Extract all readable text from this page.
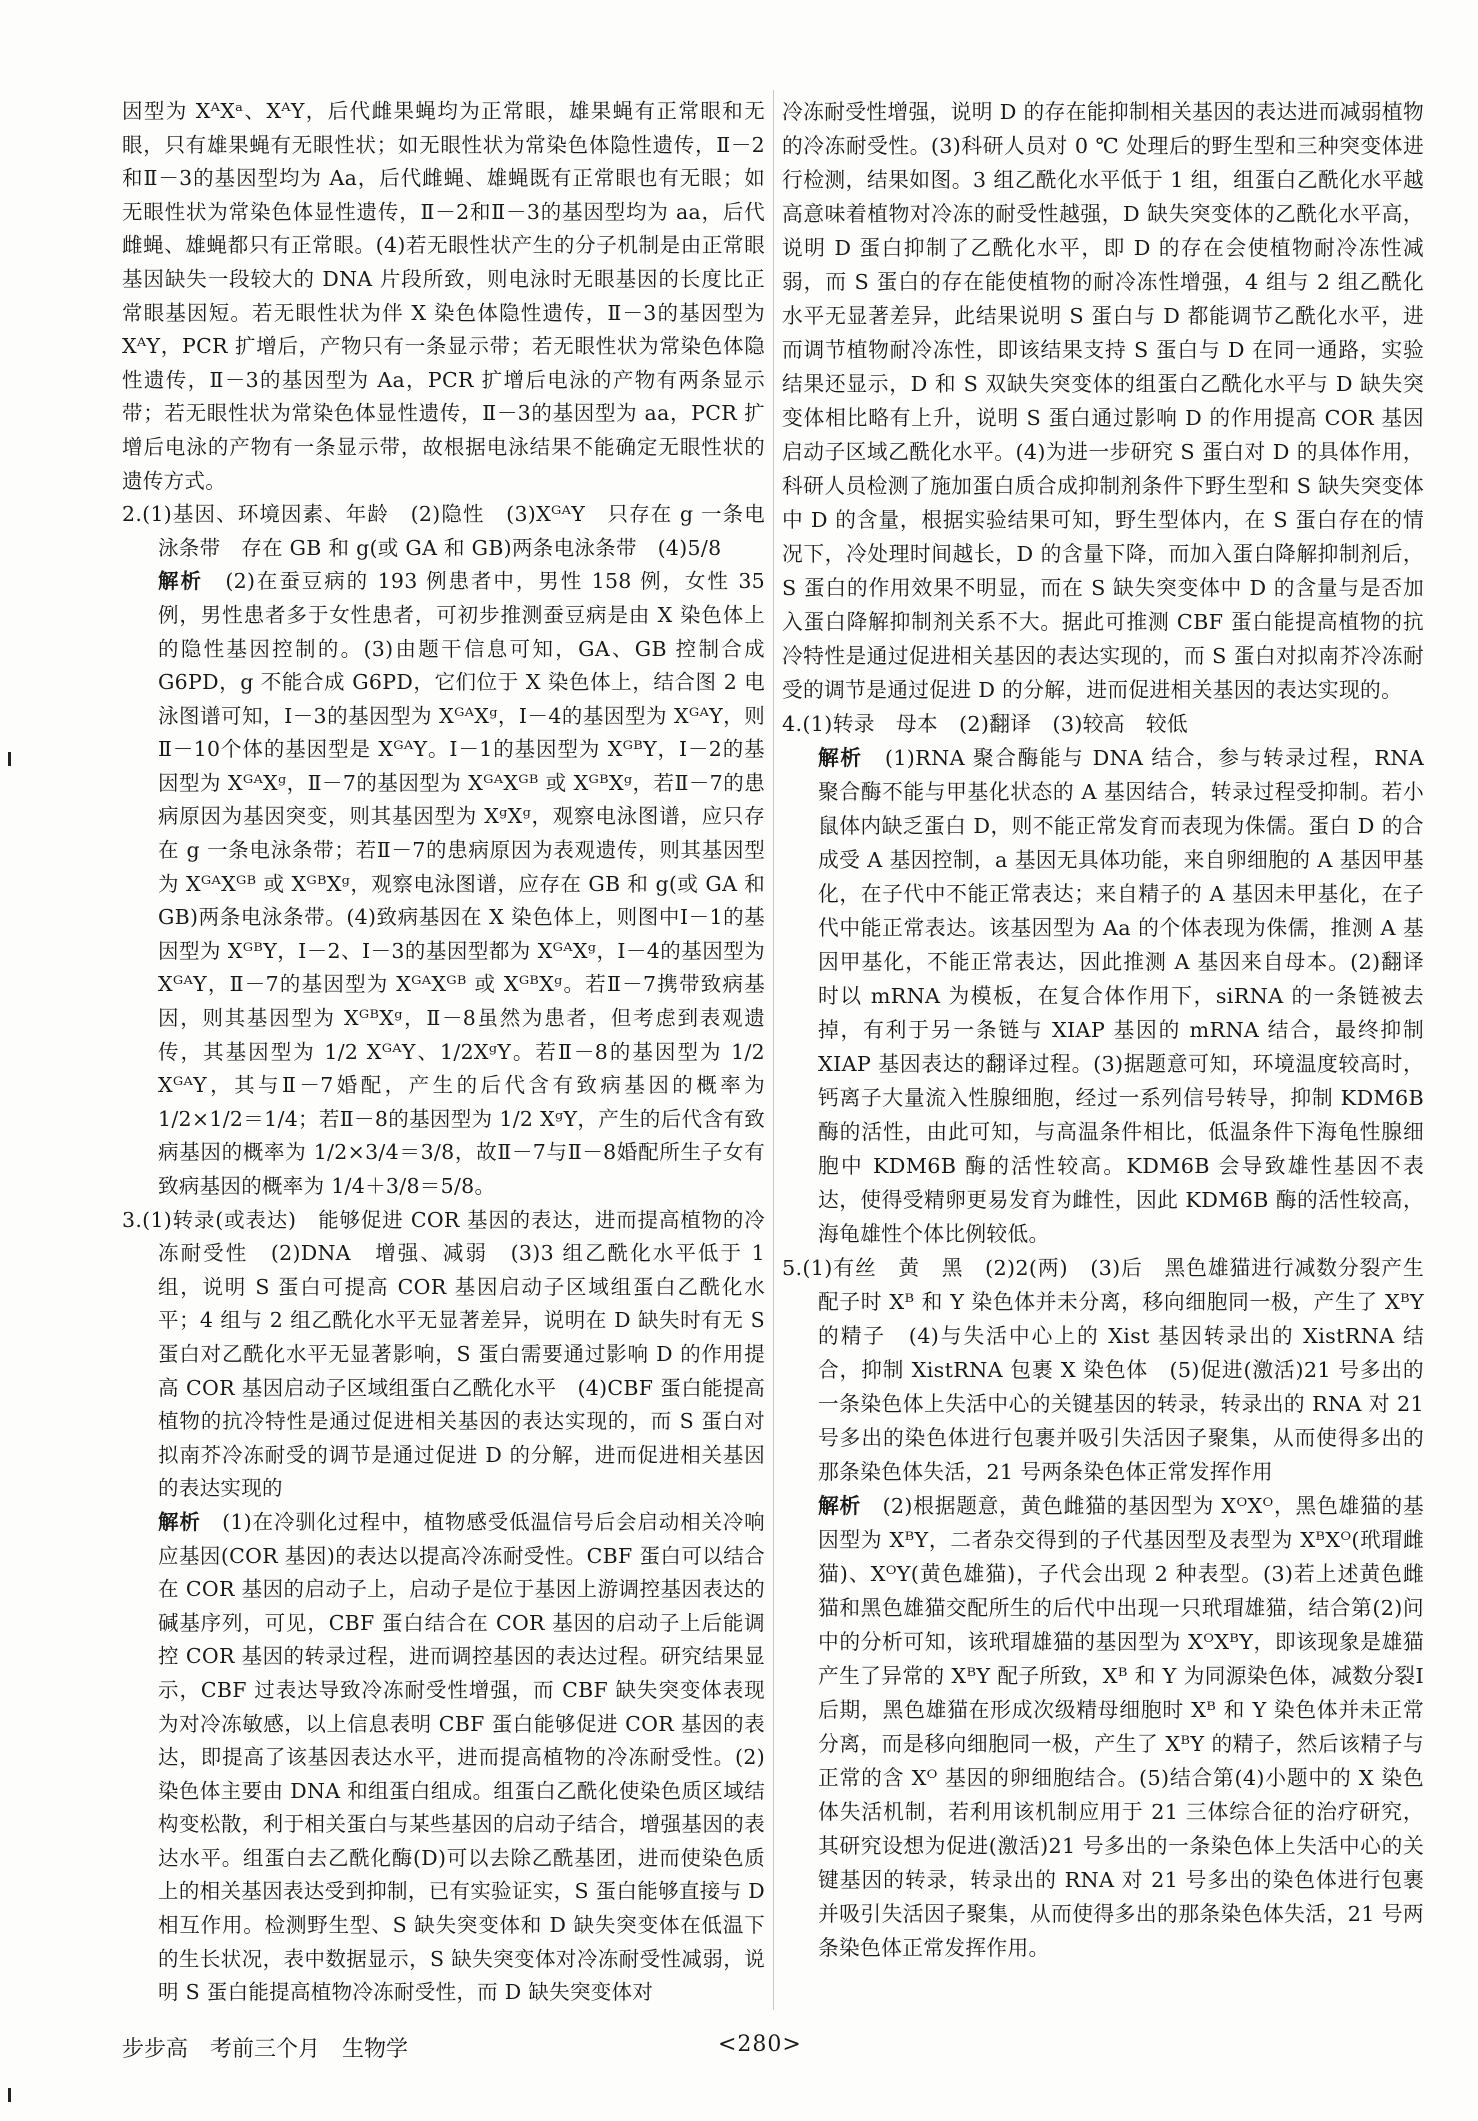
因型为 XᴬXᵃ、XᴬY，后代雌果蝇均为正常眼，雄果蝇有正常眼和无眼，只有雄果蝇有无眼性状；如无眼性状为常染色体隐性遗传，Ⅱ－2和Ⅱ－3的基因型均为 Aa，后代雌蝇、雄蝇既有正常眼也有无眼；如无眼性状为常染色体显性遗传，Ⅱ－2和Ⅱ－3的基因型均为 aa，后代雌蝇、雄蝇都只有正常眼。(4)若无眼性状产生的分子机制是由正常眼基因缺失一段较大的 DNA 片段所致，则电泳时无眼基因的长度比正常眼基因短。若无眼性状为伴 X 染色体隐性遗传，Ⅱ－3的基因型为 XᴬY，PCR 扩增后，产物只有一条显示带；若无眼性状为常染色体隐性遗传，Ⅱ－3的基因型为 Aa，PCR 扩增后电泳的产物有两条显示带；若无眼性状为常染色体显性遗传，Ⅱ－3的基因型为 aa，PCR 扩增后电泳的产物有一条显示带，故根据电泳结果不能确定无眼性状的遗传方式。

2.(1)基因、环境因素、年龄　(2)隐性　(3)XᴳᴬY　只存在 g 一条电泳条带　存在 GB 和 g(或 GA 和 GB)两条电泳条带　(4)5/8

解析　 (2)在蚕豆病的 193 例患者中，男性 158 例，女性 35 例，男性患者多于女性患者，可初步推测蚕豆病是由 X 染色体上的隐性基因控制的。(3)由题干信息可知，GA、GB 控制合成 G6PD，g 不能合成 G6PD，它们位于 X 染色体上，结合图 2 电泳图谱可知，Ⅰ－3的基因型为 XᴳᴬXᵍ，Ⅰ－4的基因型为 XᴳᴬY，则Ⅱ－10个体的基因型是 XᴳᴬY。Ⅰ－1的基因型为 XᴳᴮY，Ⅰ－2的基因型为 XᴳᴬXᵍ，Ⅱ－7的基因型为 XᴳᴬXᴳᴮ 或 XᴳᴮXᵍ，若Ⅱ－7的患病原因为基因突变，则其基因型为 XᵍXᵍ，观察电泳图谱，应只存在 g 一条电泳条带；若Ⅱ－7的患病原因为表观遗传，则其基因型为 XᴳᴬXᴳᴮ 或 XᴳᴮXᵍ，观察电泳图谱，应存在 GB 和 g(或 GA 和 GB)两条电泳条带。(4)致病基因在 X 染色体上，则图中Ⅰ－1的基因型为 XᴳᴮY，Ⅰ－2、Ⅰ－3的基因型都为 XᴳᴬXᵍ，Ⅰ－4的基因型为 XᴳᴬY，Ⅱ－7的基因型为 XᴳᴬXᴳᴮ 或 XᴳᴮXᵍ。若Ⅱ－7携带致病基因，则其基因型为 XᴳᴮXᵍ，Ⅱ－8虽然为患者，但考虑到表观遗传，其基因型为 1/2 XᴳᴬY、1/2XᵍY。若Ⅱ－8的基因型为 1/2 XᴳᴬY，其与Ⅱ－7婚配，产生的后代含有致病基因的概率为 1/2×1/2＝1/4；若Ⅱ－8的基因型为 1/2 XᵍY，产生的后代含有致病基因的概率为 1/2×3/4＝3/8，故Ⅱ－7与Ⅱ－8婚配所生子女有致病基因的概率为 1/4＋3/8＝5/8。

3.(1)转录(或表达)　能够促进 COR 基因的表达，进而提高植物的冷冻耐受性　(2)DNA　增强、减弱　(3)3 组乙酰化水平低于 1 组，说明 S 蛋白可提高 COR 基因启动子区域组蛋白乙酰化水平；4 组与 2 组乙酰化水平无显著差异，说明在 D 缺失时有无 S 蛋白对乙酰化水平无显著影响，S 蛋白需要通过影响 D 的作用提高 COR 基因启动子区域组蛋白乙酰化水平　(4)CBF 蛋白能提高植物的抗冷特性是通过促进相关基因的表达实现的，而 S 蛋白对拟南芥冷冻耐受的调节是通过促进 D 的分解，进而促进相关基因的表达实现的

解析　 (1)在冷驯化过程中，植物感受低温信号后会启动相关冷响应基因(COR 基因)的表达以提高冷冻耐受性。CBF 蛋白可以结合在 COR 基因的启动子上，启动子是位于基因上游调控基因表达的碱基序列，可见，CBF 蛋白结合在 COR 基因的启动子上后能调控 COR 基因的转录过程，进而调控基因的表达过程。研究结果显示，CBF 过表达导致冷冻耐受性增强，而 CBF 缺失突变体表现为对冷冻敏感，以上信息表明 CBF 蛋白能够促进 COR 基因的表达，即提高了该基因表达水平，进而提高植物的冷冻耐受性。(2)染色体主要由 DNA 和组蛋白组成。组蛋白乙酰化使染色质区域结构变松散，利于相关蛋白与某些基因的启动子结合，增强基因的表达水平。组蛋白去乙酰化酶(D)可以去除乙酰基团，进而使染色质上的相关基因表达受到抑制，已有实验证实，S 蛋白能够直接与 D 相互作用。检测野生型、S 缺失突变体和 D 缺失突变体在低温下的生长状况，表中数据显示，S 缺失突变体对冷冻耐受性减弱，说明 S 蛋白能提高植物冷冻耐受性，而 D 缺失突变体对

冷冻耐受性增强，说明 D 的存在能抑制相关基因的表达进而减弱植物的冷冻耐受性。(3)科研人员对 0 ℃ 处理后的野生型和三种突变体进行检测，结果如图。3 组乙酰化水平低于 1 组，组蛋白乙酰化水平越高意味着植物对冷冻的耐受性越强，D 缺失突变体的乙酰化水平高，说明 D 蛋白抑制了乙酰化水平，即 D 的存在会使植物耐冷冻性减弱，而 S 蛋白的存在能使植物的耐冷冻性增强，4 组与 2 组乙酰化水平无显著差异，此结果说明 S 蛋白与 D 都能调节乙酰化水平，进而调节植物耐冷冻性，即该结果支持 S 蛋白与 D 在同一通路，实验结果还显示，D 和 S 双缺失突变体的组蛋白乙酰化水平与 D 缺失突变体相比略有上升，说明 S 蛋白通过影响 D 的作用提高 COR 基因启动子区域乙酰化水平。(4)为进一步研究 S 蛋白对 D 的具体作用，科研人员检测了施加蛋白质合成抑制剂条件下野生型和 S 缺失突变体中 D 的含量，根据实验结果可知，野生型体内，在 S 蛋白存在的情况下，冷处理时间越长，D 的含量下降，而加入蛋白降解抑制剂后，S 蛋白的作用效果不明显，而在 S 缺失突变体中 D 的含量与是否加入蛋白降解抑制剂关系不大。据此可推测 CBF 蛋白能提高植物的抗冷特性是通过促进相关基因的表达实现的，而 S 蛋白对拟南芥冷冻耐受的调节是通过促进 D 的分解，进而促进相关基因的表达实现的。

4.(1)转录　母本　(2)翻译　(3)较高　较低

解析　 (1)RNA 聚合酶能与 DNA 结合，参与转录过程，RNA 聚合酶不能与甲基化状态的 A 基因结合，转录过程受抑制。若小鼠体内缺乏蛋白 D，则不能正常发育而表现为侏儒。蛋白 D 的合成受 A 基因控制，a 基因无具体功能，来自卵细胞的 A 基因甲基化，在子代中不能正常表达；来自精子的 A 基因未甲基化，在子代中能正常表达。该基因型为 Aa 的个体表现为侏儒，推测 A 基因甲基化，不能正常表达，因此推测 A 基因来自母本。(2)翻译时以 mRNA 为模板，在复合体作用下，siRNA 的一条链被去掉，有利于另一条链与 XIAP 基因的 mRNA 结合，最终抑制 XIAP 基因表达的翻译过程。(3)据题意可知，环境温度较高时，钙离子大量流入性腺细胞，经过一系列信号转导，抑制 KDM6B 酶的活性，由此可知，与高温条件相比，低温条件下海龟性腺细胞中 KDM6B 酶的活性较高。KDM6B 会导致雄性基因不表达，使得受精卵更易发育为雌性，因此 KDM6B 酶的活性较高，海龟雄性个体比例较低。

5.(1)有丝　黄　黑　(2)2(两)　(3)后　黑色雄猫进行减数分裂产生配子时 Xᴮ 和 Y 染色体并未分离，移向细胞同一极，产生了 XᴮY 的精子　(4)与失活中心上的 Xist 基因转录出的 XistRNA 结合，抑制 XistRNA 包裹 X 染色体　(5)促进(激活)21 号多出的一条染色体上失活中心的关键基因的转录，转录出的 RNA 对 21 号多出的染色体进行包裹并吸引失活因子聚集，从而使得多出的那条染色体失活，21 号两条染色体正常发挥作用

解析　 (2)根据题意，黄色雌猫的基因型为 XᴼXᴼ，黑色雄猫的基因型为 XᴮY，二者杂交得到的子代基因型及表型为 XᴮXᴼ(玳瑁雌猫)、XᴼY(黄色雄猫)，子代会出现 2 种表型。(3)若上述黄色雌猫和黑色雄猫交配所生的后代中出现一只玳瑁雄猫，结合第(2)问中的分析可知，该玳瑁雄猫的基因型为 XᴼXᴮY，即该现象是雄猫产生了异常的 XᴮY 配子所致，Xᴮ 和 Y 为同源染色体，减数分裂Ⅰ后期，黑色雄猫在形成次级精母细胞时 Xᴮ 和 Y 染色体并未正常分离，而是移向细胞同一极，产生了 XᴮY 的精子，然后该精子与正常的含 Xᴼ 基因的卵细胞结合。(5)结合第(4)小题中的 X 染色体失活机制，若利用该机制应用于 21 三体综合征的治疗研究，其研究设想为促进(激活)21 号多出的一条染色体上失活中心的关键基因的转录，转录出的 RNA 对 21 号多出的染色体进行包裹并吸引失活因子聚集，从而使得多出的那条染色体失活，21 号两条染色体正常发挥作用。

步步高　考前三个月　生物学	<280>
